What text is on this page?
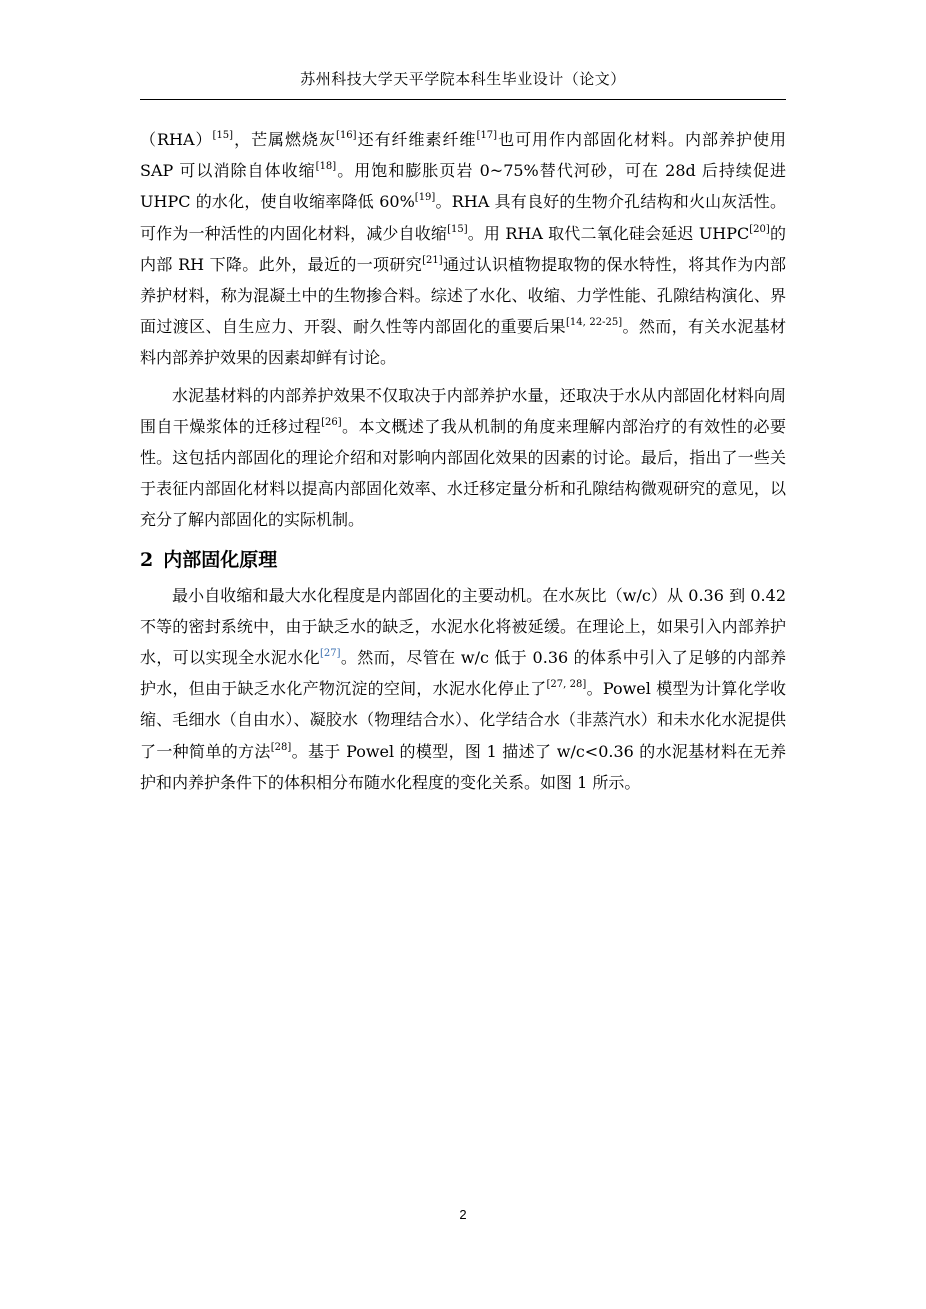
苏州科技大学天平学院本科生毕业设计（论文）

（RHA）[15]，芒属燃烧灰[16]还有纤维素纤维[17]也可用作内部固化材料。内部养护使用 SAP 可以消除自体收缩[18]。用饱和膨胀页岩 0~75%替代河砂，可在 28d 后持续促进 UHPC 的水化，使自收缩率降低 60%[19]。RHA 具有良好的生物介孔结构和火山灰活性。可作为一种活性的内固化材料，减少自收缩[15]。用 RHA 取代二氧化硅会延迟 UHPC[20]的内部 RH 下降。此外，最近的一项研究[21]通过认识植物提取物的保水特性，将其作为内部养护材料，称为混凝土中的生物掺合料。综述了水化、收缩、力学性能、孔隙结构演化、界面过渡区、自生应力、开裂、耐久性等内部固化的重要后果[14, 22-25]。然而，有关水泥基材料内部养护效果的因素却鲜有讨论。

水泥基材料的内部养护效果不仅取决于内部养护水量，还取决于水从内部固化材料向周围自干燥浆体的迁移过程[26]。本文概述了我从机制的角度来理解内部治疗的有效性的必要性。这包括内部固化的理论介绍和对影响内部固化效果的因素的讨论。最后，指出了一些关于表征内部固化材料以提高内部固化效率、水迁移定量分析和孔隙结构微观研究的意见，以充分了解内部固化的实际机制。

2 内部固化原理

最小自收缩和最大水化程度是内部固化的主要动机。在水灰比（w/c）从 0.36 到 0.42 不等的密封系统中，由于缺乏水的缺乏，水泥水化将被延缓。在理论上，如果引入内部养护水，可以实现全水泥水化[27]。然而，尽管在 w/c 低于 0.36 的体系中引入了足够的内部养护水，但由于缺乏水化产物沉淀的空间，水泥水化停止了[27, 28]。Powel 模型为计算化学收缩、毛细水（自由水）、凝胶水（物理结合水）、化学结合水（非蒸汽水）和未水化水泥提供了一种简单的方法[28]。基于 Powel 的模型，图 1 描述了 w/c<0.36 的水泥基材料在无养护和内养护条件下的体积相分布随水化程度的变化关系。如图 1 所示。

2
